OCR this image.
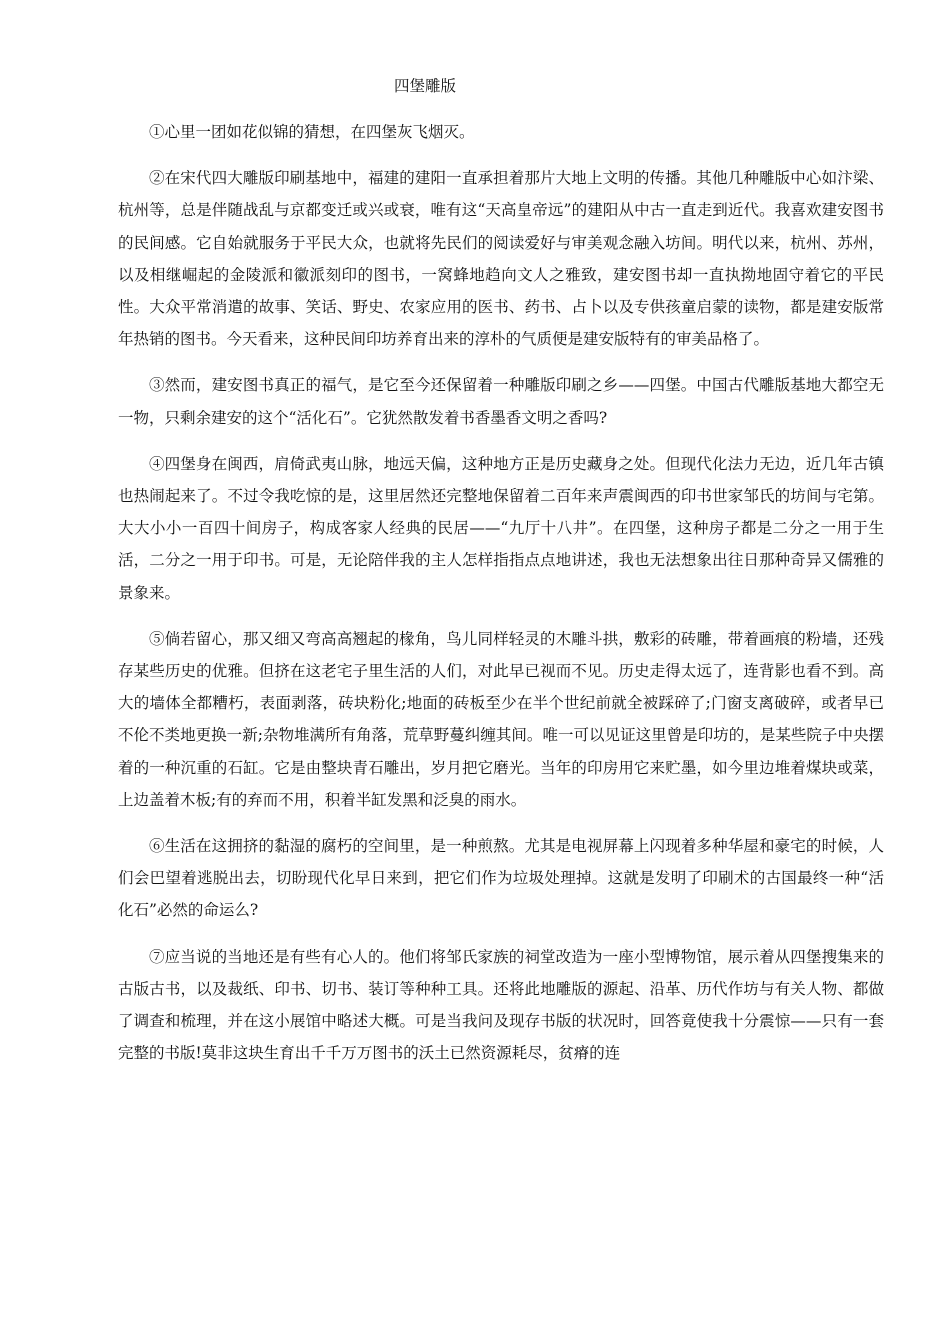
四堡雕版

①心里一团如花似锦的猜想，在四堡灰飞烟灭。

②在宋代四大雕版印刷基地中，福建的建阳一直承担着那片大地上文明的传播。其他几种雕版中心如汴梁、杭州等，总是伴随战乱与京都变迁或兴或衰，唯有这“天高皇帝远”的建阳从中古一直走到近代。我喜欢建安图书的民间感。它自始就服务于平民大众，也就将先民们的阅读爱好与审美观念融入坊间。明代以来，杭州、苏州，以及相继崛起的金陵派和徽派刻印的图书，一窝蜂地趋向文人之雅致，建安图书却一直执拗地固守着它的平民性。大众平常消遣的故事、笑话、野史、农家应用的医书、药书、占卜以及专供孩童启蒙的读物，都是建安版常年热销的图书。今天看来，这种民间印坊养育出来的淳朴的气质便是建安版特有的审美品格了。

③然而，建安图书真正的福气，是它至今还保留着一种雕版印刷之乡——四堡。中国古代雕版基地大都空无一物，只剩余建安的这个“活化石”。它犹然散发着书香墨香文明之香吗?

④四堡身在闽西，肩倚武夷山脉，地远天偏，这种地方正是历史藏身之处。但现代化法力无边，近几年古镇也热闹起来了。不过令我吃惊的是，这里居然还完整地保留着二百年来声震闽西的印书世家邹氏的坊间与宅第。大大小小一百四十间房子，构成客家人经典的民居——“九厅十八井”。在四堡，这种房子都是二分之一用于生活，二分之一用于印书。可是，无论陪伴我的主人怎样指指点点地讲述，我也无法想象出往日那种奇异又儒雅的景象来。

⑤倘若留心，那又细又弯高高翘起的椽角，鸟儿同样轻灵的木雕斗拱，敷彩的砖雕，带着画痕的粉墙，还残存某些历史的优雅。但挤在这老宅子里生活的人们，对此早已视而不见。历史走得太远了，连背影也看不到。高大的墙体全都糟朽，表面剥落，砖块粉化;地面的砖板至少在半个世纪前就全被踩碎了;门窗支离破碎，或者早已不伦不类地更换一新;杂物堆满所有角落，荒草野蔓纠缠其间。唯一可以见证这里曾是印坊的，是某些院子中央摆着的一种沉重的石缸。它是由整块青石雕出，岁月把它磨光。当年的印房用它来贮墨，如今里边堆着煤块或菜，上边盖着木板;有的弃而不用，积着半缸发黑和泛臭的雨水。

⑥生活在这拥挤的黏湿的腐朽的空间里，是一种煎熬。尤其是电视屏幕上闪现着多种华屋和豪宅的时候，人们会巴望着逃脱出去，切盼现代化早日来到，把它们作为垃圾处理掉。这就是发明了印刷术的古国最终一种“活化石”必然的命运么?

⑦应当说的当地还是有些有心人的。他们将邹氏家族的祠堂改造为一座小型博物馆，展示着从四堡搜集来的古版古书，以及裁纸、印书、切书、装订等种种工具。还将此地雕版的源起、沿革、历代作坊与有关人物、都做了调查和梳理，并在这小展馆中略述大概。可是当我问及现存书版的状况时，回答竟使我十分震惊——只有一套完整的书版!莫非这块生育出千千万万图书的沃土已然资源耗尽，贫瘠的连
